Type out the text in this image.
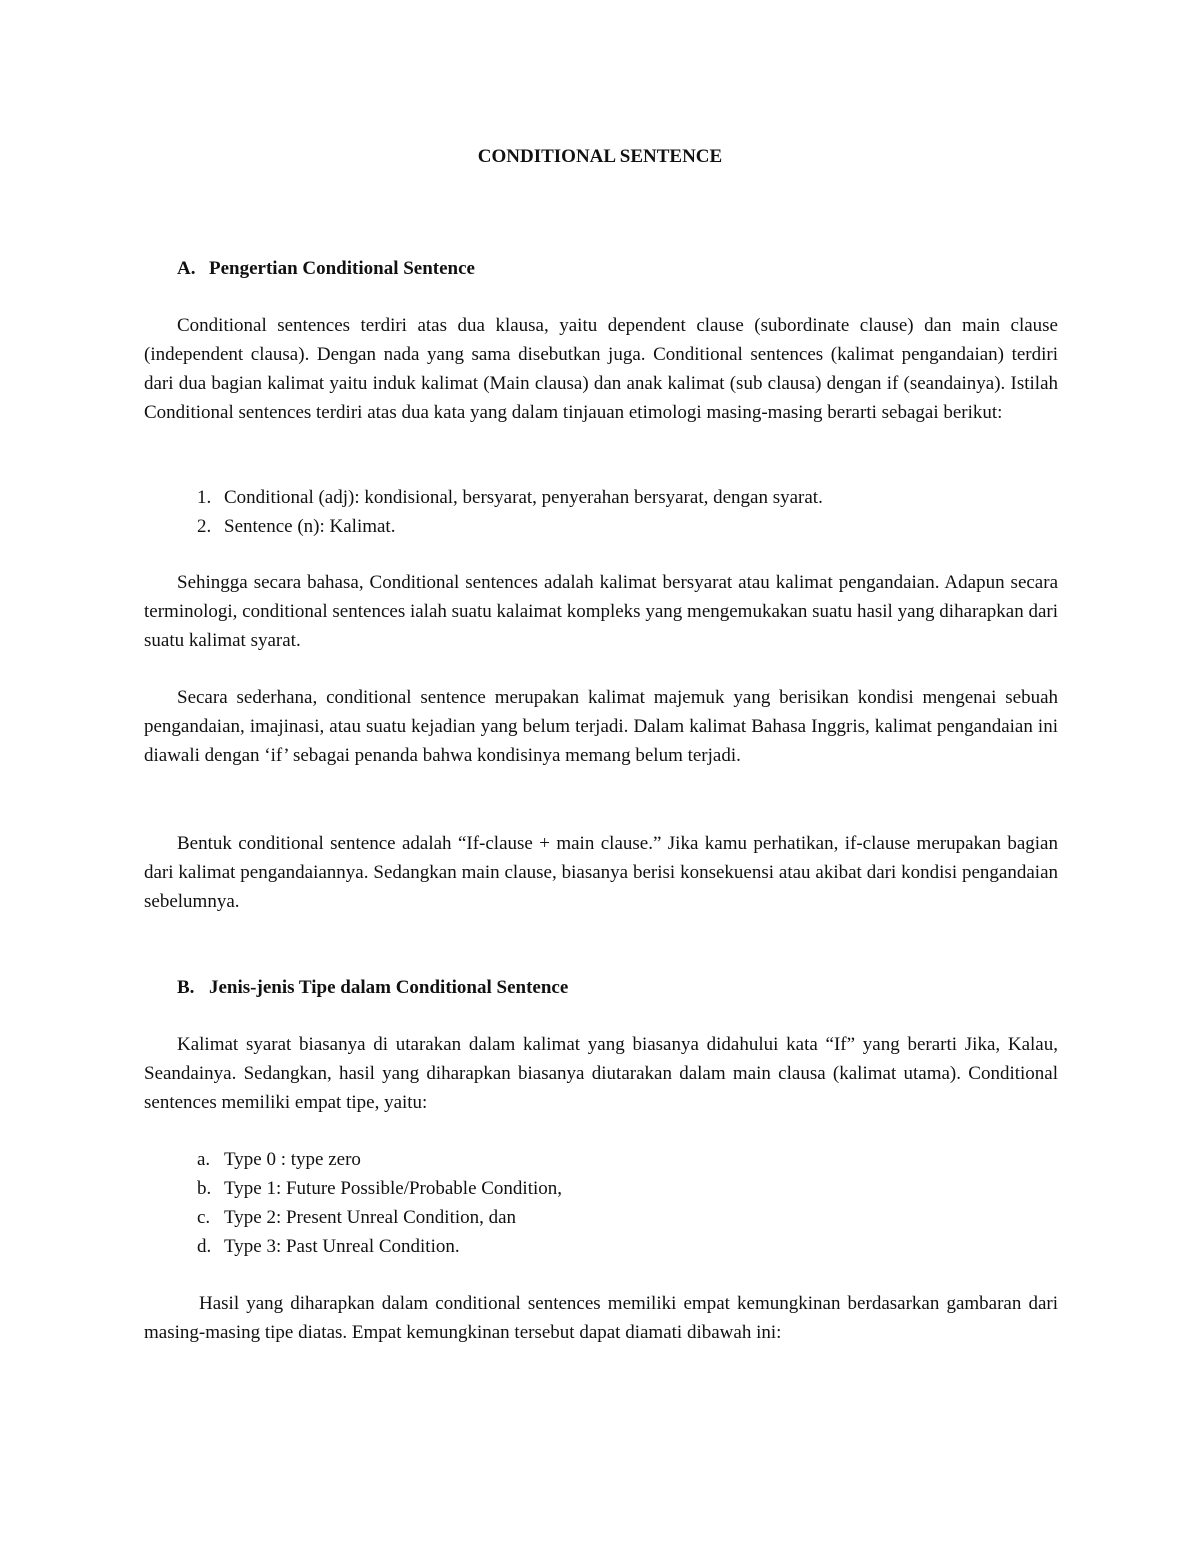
CONDITIONAL SENTENCE
A. Pengertian Conditional Sentence

Conditional sentences terdiri atas dua klausa, yaitu dependent clause (subordinate clause) dan main clause (independent clausa). Dengan nada yang sama disebutkan juga. Conditional sentences (kalimat pengandaian) terdiri dari dua bagian kalimat yaitu induk kalimat (Main clausa) dan anak kalimat (sub clausa) dengan if (seandainya). Istilah Conditional sentences terdiri atas dua kata yang dalam tinjauan etimologi masing-masing berarti sebagai berikut:

1. Conditional (adj): kondisional, bersyarat, penyerahan bersyarat, dengan syarat.
2. Sentence (n): Kalimat.

Sehingga secara bahasa, Conditional sentences adalah kalimat bersyarat atau kalimat pengandaian. Adapun secara terminologi, conditional sentences ialah suatu kalaimat kompleks yang mengemukakan suatu hasil yang diharapkan dari suatu kalimat syarat.

Secara sederhana, conditional sentence merupakan kalimat majemuk yang berisikan kondisi mengenai sebuah pengandaian, imajinasi, atau suatu kejadian yang belum terjadi. Dalam kalimat Bahasa Inggris, kalimat pengandaian ini diawali dengan ‘if’ sebagai penanda bahwa kondisinya memang belum terjadi.

Bentuk conditional sentence adalah “If-clause + main clause.” Jika kamu perhatikan, if-clause merupakan bagian dari kalimat pengandaiannya. Sedangkan main clause, biasanya berisi konsekuensi atau akibat dari kondisi pengandaian sebelumnya.

B. Jenis-jenis Tipe dalam Conditional Sentence

Kalimat syarat biasanya di utarakan dalam kalimat yang biasanya didahului kata “If” yang berarti Jika, Kalau, Seandainya. Sedangkan, hasil yang diharapkan biasanya diutarakan dalam main clausa (kalimat utama). Conditional sentences memiliki empat tipe, yaitu:

a. Type 0 : type zero
b. Type 1: Future Possible/Probable Condition,
c. Type 2: Present Unreal Condition, dan
d. Type 3: Past Unreal Condition.

Hasil yang diharapkan dalam conditional sentences memiliki empat kemungkinan berdasarkan gambaran dari masing-masing tipe diatas. Empat kemungkinan tersebut dapat diamati dibawah ini:
